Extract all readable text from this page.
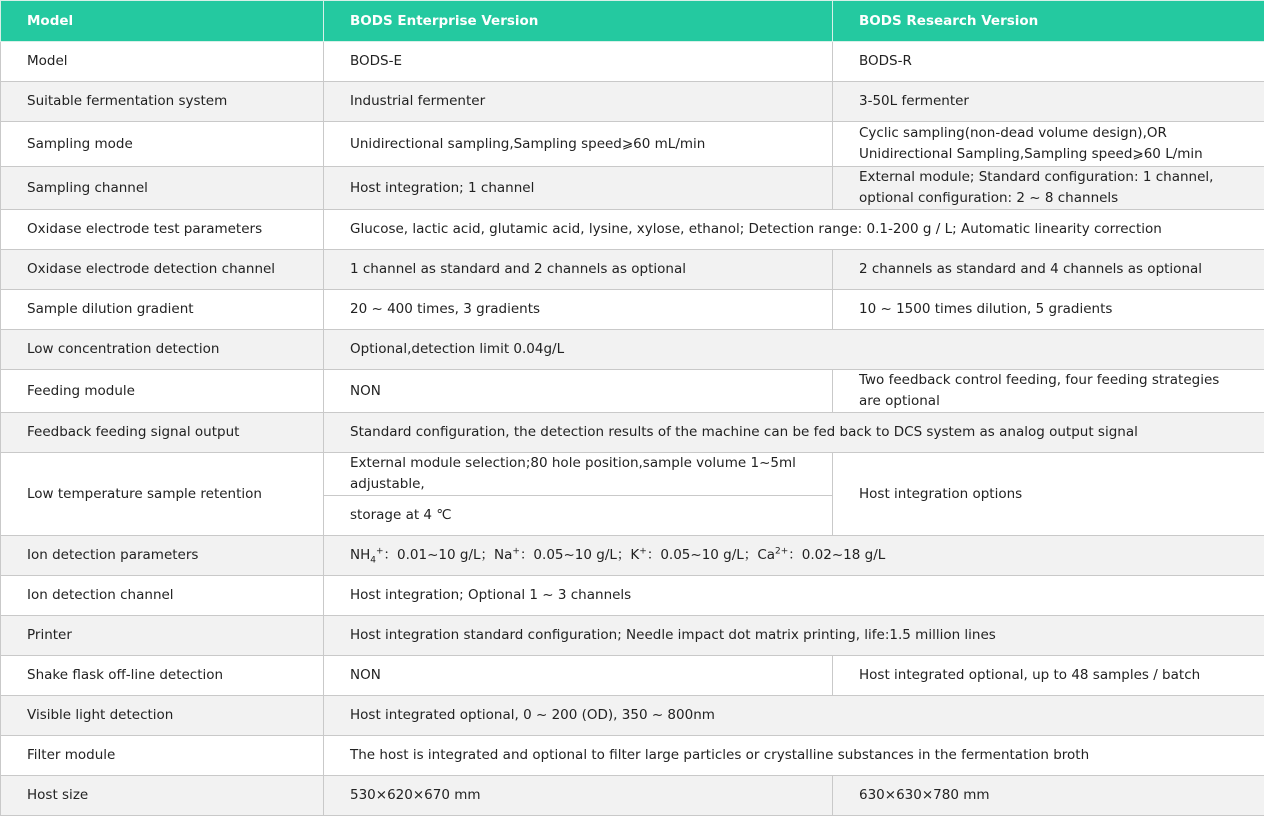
Model	BODS Enterprise Version	BODS Research Version
Model	BODS-E	BODS-R
Suitable fermentation system	Industrial fermenter	3-50L fermenter
Sampling mode	Unidirectional sampling,Sampling speed⩾60 mL/min	Cyclic sampling(non-dead volume design),OR Unidirectional Sampling,Sampling speed⩾60 L/min
Sampling channel	Host integration; 1 channel	External module; Standard configuration: 1 channel, optional configuration: 2 ~ 8 channels
Oxidase electrode test parameters	Glucose, lactic acid, glutamic acid, lysine, xylose, ethanol; Detection range: 0.1-200 g / L; Automatic linearity correction	
Oxidase electrode detection channel	1 channel as standard and 2 channels as optional	2 channels as standard and 4 channels as optional
Sample dilution gradient	20 ~ 400 times, 3 gradients	10 ~ 1500 times dilution, 5 gradients
Low concentration detection	Optional,detection limit 0.04g/L	
Feeding module	NON	Two feedback control feeding, four feeding strategies are optional
Feedback feeding signal output	Standard configuration, the detection results of the machine can be fed back to DCS system as analog output signal	
Low temperature sample retention	External module selection;80 hole position,sample volume 1~5ml adjustable,	Host integration options
	storage at 4 ℃	
Ion detection parameters	$NH_4^+$：0.01~10 g/L；Na+：0.05~10 g/L；K+：0.05~10 g/L；$Ca^{2+}$：0.02~18 g/L	
Ion detection channel	Host integration; Optional 1 ~ 3 channels	
Printer	Host integration standard configuration; Needle impact dot matrix printing, life:1.5 million lines	
Shake flask off-line detection	NON	Host integrated optional, up to 48 samples / batch
Visible light detection	Host integrated optional, 0 ~ 200 (OD), 350 ~ 800nm	
Filter module	The host is integrated and optional to filter large particles or crystalline substances in the fermentation broth	
Host size	530×620×670 mm	630×630×780 mm
